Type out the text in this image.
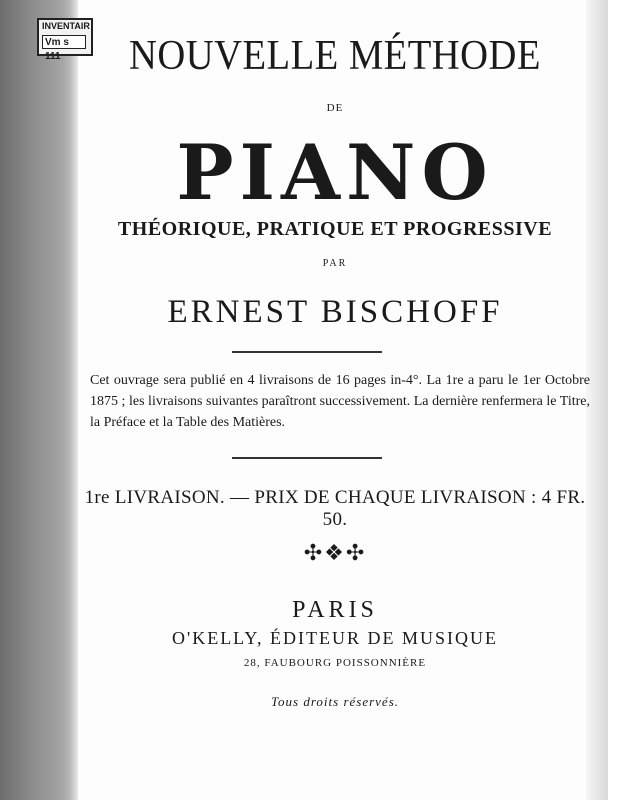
INVENTAIR
Vm s 111	NOUVELLE MÉTHODE
DE
PIANO
THÉORIQUE, PRATIQUE ET PROGRESSIVE
PAR
ERNEST BISCHOFF
Cet ouvrage sera publié en 4 livraisons de 16 pages in-4°. La 1re a paru le 1er Octobre 1875 ; les livraisons suivantes paraîtront successivement. La dernière renfermera le Titre, la Préface et la Table des Matières.
1re LIVRAISON. — PRIX DE CHAQUE LIVRAISON : 4 FR. 50.
✣❖✣
PARIS
O'KELLY, ÉDITEUR DE MUSIQUE
28, FAUBOURG POISSONNIÈRE
Tous droits réservés.
